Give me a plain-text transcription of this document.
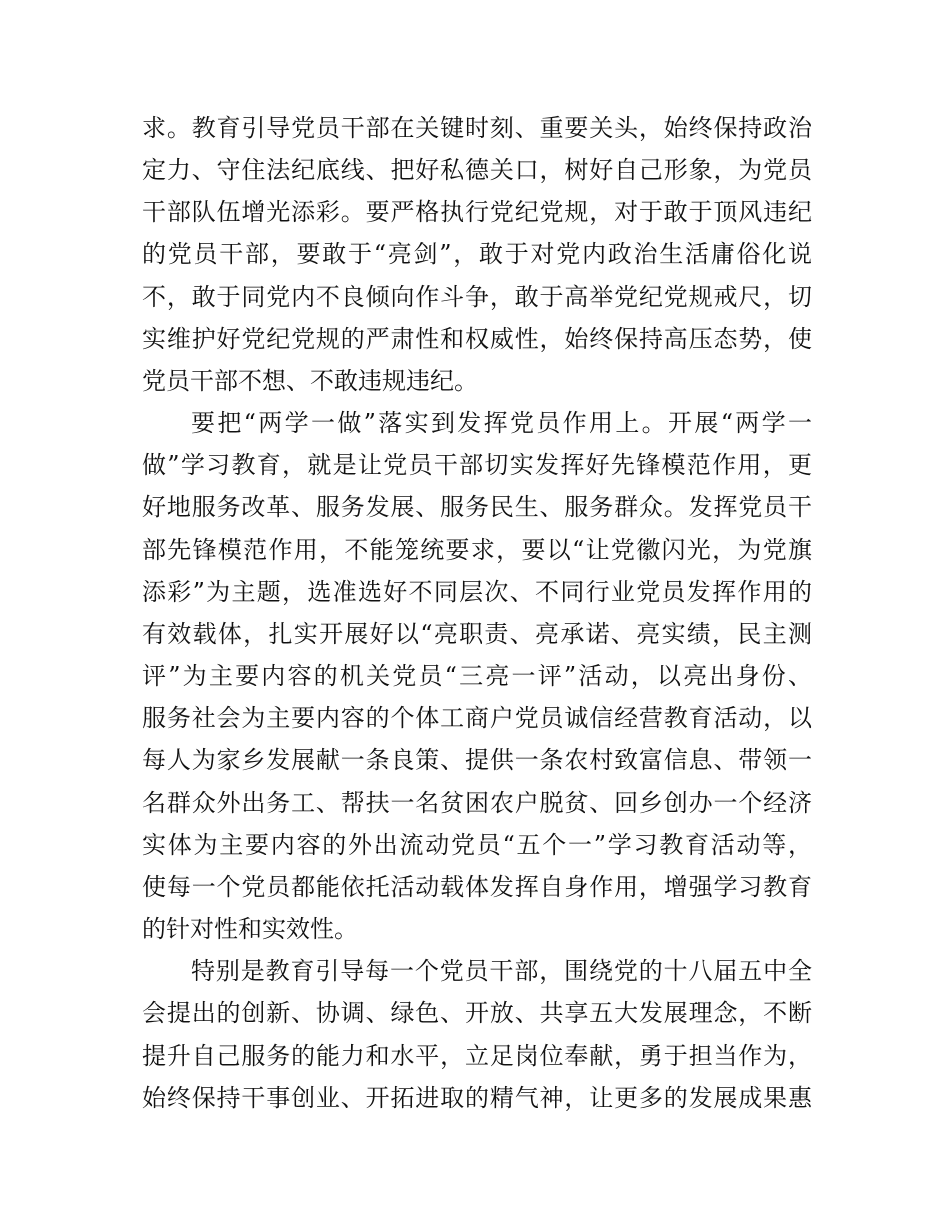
求。教育引导党员干部在关键时刻、重要关头，始终保持政治
定力、守住法纪底线、把好私德关口，树好自己形象，为党员
干部队伍增光添彩。要严格执行党纪党规，对于敢于顶风违纪
的党员干部，要敢于“亮剑”，敢于对党内政治生活庸俗化说
不，敢于同党内不良倾向作斗争，敢于高举党纪党规戒尺，切
实维护好党纪党规的严肃性和权威性，始终保持高压态势，使
党员干部不想、不敢违规违纪。
要把“两学一做”落实到发挥党员作用上。开展“两学一
做”学习教育，就是让党员干部切实发挥好先锋模范作用，更
好地服务改革、服务发展、服务民生、服务群众。发挥党员干
部先锋模范作用，不能笼统要求，要以“让党徽闪光，为党旗
添彩”为主题，选准选好不同层次、不同行业党员发挥作用的
有效载体，扎实开展好以“亮职责、亮承诺、亮实绩，民主测
评”为主要内容的机关党员“三亮一评”活动，以亮出身份、
服务社会为主要内容的个体工商户党员诚信经营教育活动，以
每人为家乡发展献一条良策、提供一条农村致富信息、带领一
名群众外出务工、帮扶一名贫困农户脱贫、回乡创办一个经济
实体为主要内容的外出流动党员“五个一”学习教育活动等，
使每一个党员都能依托活动载体发挥自身作用，增强学习教育
的针对性和实效性。
特别是教育引导每一个党员干部，围绕党的十八届五中全
会提出的创新、协调、绿色、开放、共享五大发展理念，不断
提升自己服务的能力和水平，立足岗位奉献，勇于担当作为，
始终保持干事创业、开拓进取的精气神，让更多的发展成果惠
